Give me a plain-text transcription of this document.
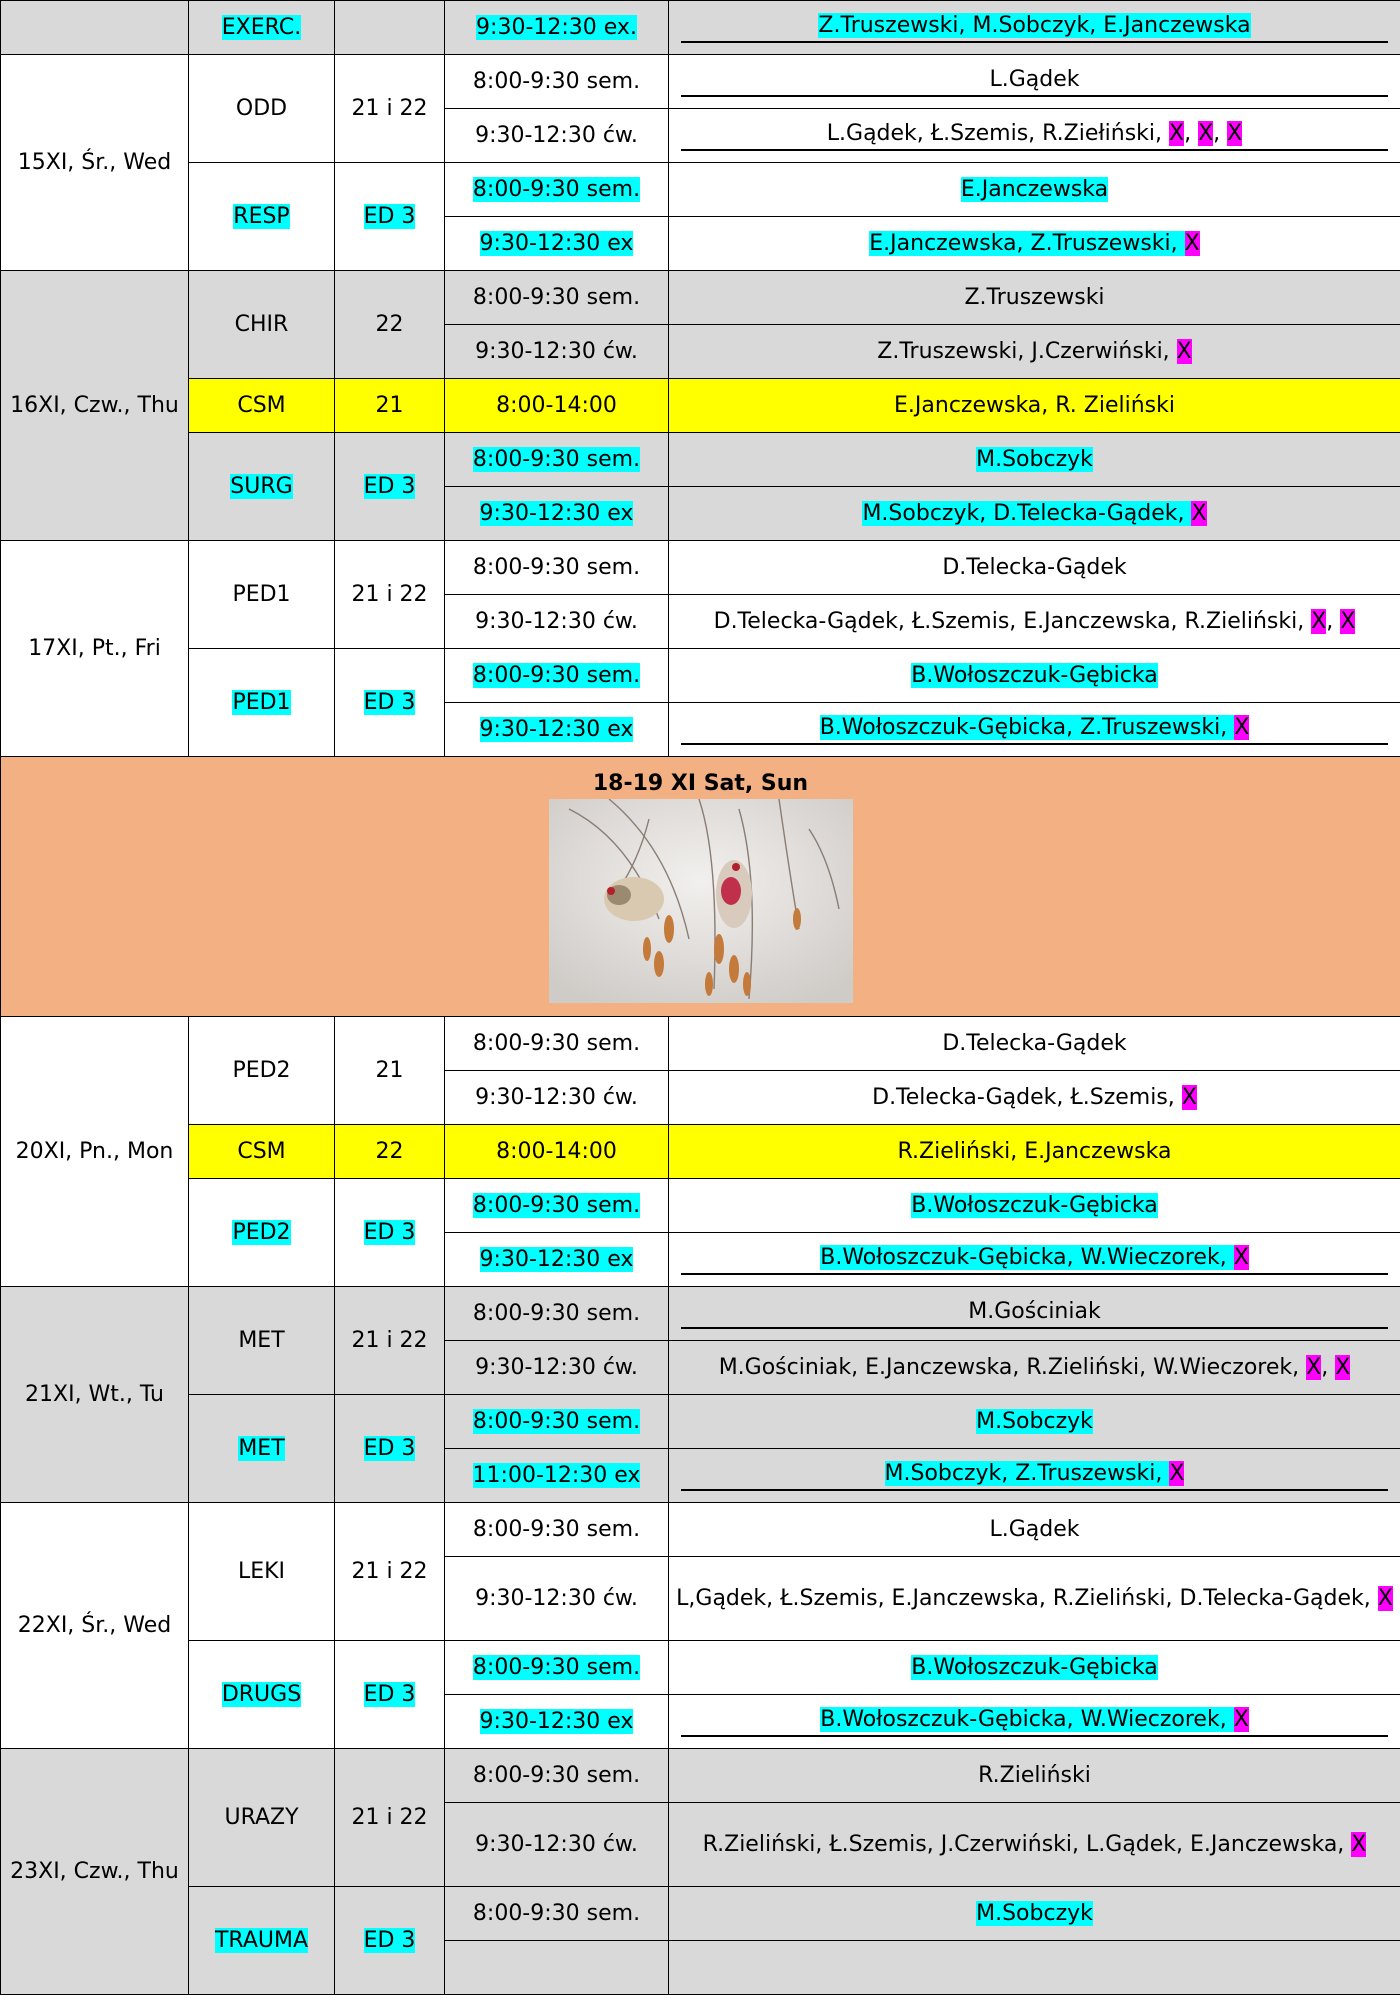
	EXERC.		9:30-12:30 ex.	Z.Truszewski, M.Sobczyk, E.Janczewska

15XI, Śr., Wed	ODD	21 i 22	8:00-9:30 sem.	L.Gądek

			9:30-12:30 ćw.	L.Gądek, Ł.Szemis, R.Ziełiński, X, X, X

	RESP	ED 3	8:00-9:30 sem.	E.Janczewska
			9:30-12:30 ex	E.Janczewska, Z.Truszewski, X
16XI, Czw., Thu	CHIR	22	8:00-9:30 sem.	Z.Truszewski
			9:30-12:30 ćw.	Z.Truszewski, J.Czerwiński, X
	CSM	21	8:00-14:00	E.Janczewska, R. Zieliński
	SURG	ED 3	8:00-9:30 sem.	M.Sobczyk
			9:30-12:30 ex	M.Sobczyk, D.Telecka-Gądek, X
17XI, Pt., Fri	PED1	21 i 22	8:00-9:30 sem.	D.Telecka-Gądek
			9:30-12:30 ćw.	D.Telecka-Gądek, Ł.Szemis, E.Janczewska, R.Zieliński, X, X
	PED1	ED 3	8:00-9:30 sem.	B.Wołoszczuk-Gębicka
			9:30-12:30 ex	B.Wołoszczuk-Gębicka, Z.Truszewski, X

18-19 XI Sat, Sun				

20XI, Pn., Mon	PED2	21	8:00-9:30 sem.	D.Telecka-Gądek
			9:30-12:30 ćw.	D.Telecka-Gądek, Ł.Szemis, X
	CSM	22	8:00-14:00	R.Zieliński, E.Janczewska
	PED2	ED 3	8:00-9:30 sem.	B.Wołoszczuk-Gębicka
			9:30-12:30 ex	B.Wołoszczuk-Gębicka, W.Wieczorek, X

21XI, Wt., Tu	MET	21 i 22	8:00-9:30 sem.	M.Gościniak

			9:30-12:30 ćw.	M.Gościniak, E.Janczewska, R.Zieliński, W.Wieczorek, X, X
	MET	ED 3	8:00-9:30 sem.	M.Sobczyk
			11:00-12:30 ex	M.Sobczyk, Z.Truszewski, X

22XI, Śr., Wed	LEKI	21 i 22	8:00-9:30 sem.	L.Gądek
			9:30-12:30 ćw.	L,Gądek, Ł.Szemis, E.Janczewska, R.Zieliński, D.Telecka-Gądek, X
	DRUGS	ED 3	8:00-9:30 sem.	B.Wołoszczuk-Gębicka
			9:30-12:30 ex	B.Wołoszczuk-Gębicka, W.Wieczorek, X

23XI, Czw., Thu	URAZY	21 i 22	8:00-9:30 sem.	R.Zieliński
			9:30-12:30 ćw.	R.Zieliński, Ł.Szemis, J.Czerwiński, L.Gądek, E.Janczewska, X
	TRAUMA	ED 3	8:00-9:30 sem.	M.Sobczyk
